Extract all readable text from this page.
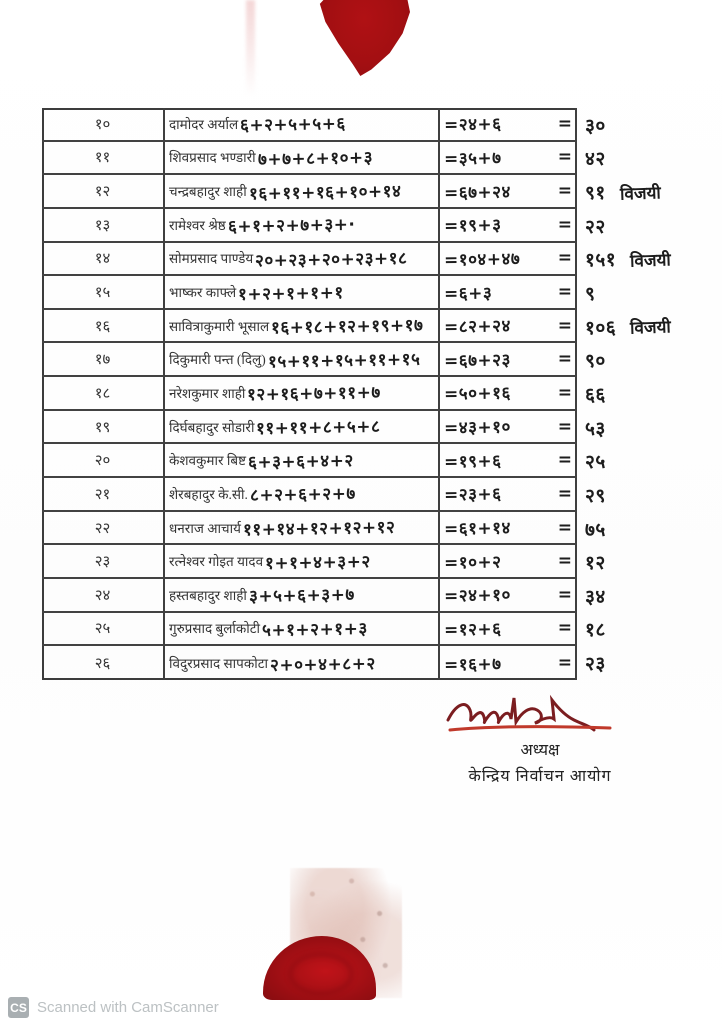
१०	दामोदर अर्याल ६+२+५+५+६	=२४+६	= ३०
११	शिवप्रसाद भण्डारी ७+७+८+१०+३	=३५+७	= ४२
१२	चन्द्रबहादुर शाही १६+११+१६+१०+१४	=६७+२४	= ९१ विजयी
१३	रामेश्वर श्रेष्ठ ६+१+२+७+३+·	=१९+३	= २२
१४	सोमप्रसाद पाण्डेय २०+२३+२०+२३+१८ =१०४+४७ = १५१ विजयी
१५	भाष्कर काफ्ले १+२+१+१+१	=६+३	= ९
१६	सावित्राकुमारी भूसाल १६+१८+१२+१९+१७ =८२+२४	= १०६ विजयी
१७	दिकुमारी पन्त (दिलु) १५+११+१५+११+१५ =६७+२३	= ९०
१८	नरेशकुमार शाही १२+१६+७+११+७	=५०+१६	= ६६
१९	दिर्घबहादुर सोडारी ११+११+८+५+८	=४३+१०	= ५३
२०	केशवकुमार बिष्ट ६+३+६+४+२	=१९+६	= २५
२१	शेरबहादुर के.सी. ८+२+६+२+७	=२३+६	= २९
२२	धनराज आचार्य ११+१४+१२+१२+१२	=६१+१४	= ७५
२३	रत्नेश्वर गोइत यादव १+१+४+३+२	=१०+२	= १२
२४	हस्तबहादुर शाही ३+५+६+३+७	=२४+१०	= ३४
२५	गुरुप्रसाद बुर्लाकोटी ५+१+२+१+३	=१२+६	= १८
२६	विदुरप्रसाद सापकोटा २+०+४+८+२	=१६+७	= २३
अध्यक्ष
केन्द्रिय निर्वाचन आयोग
CS Scanned with CamScanner
